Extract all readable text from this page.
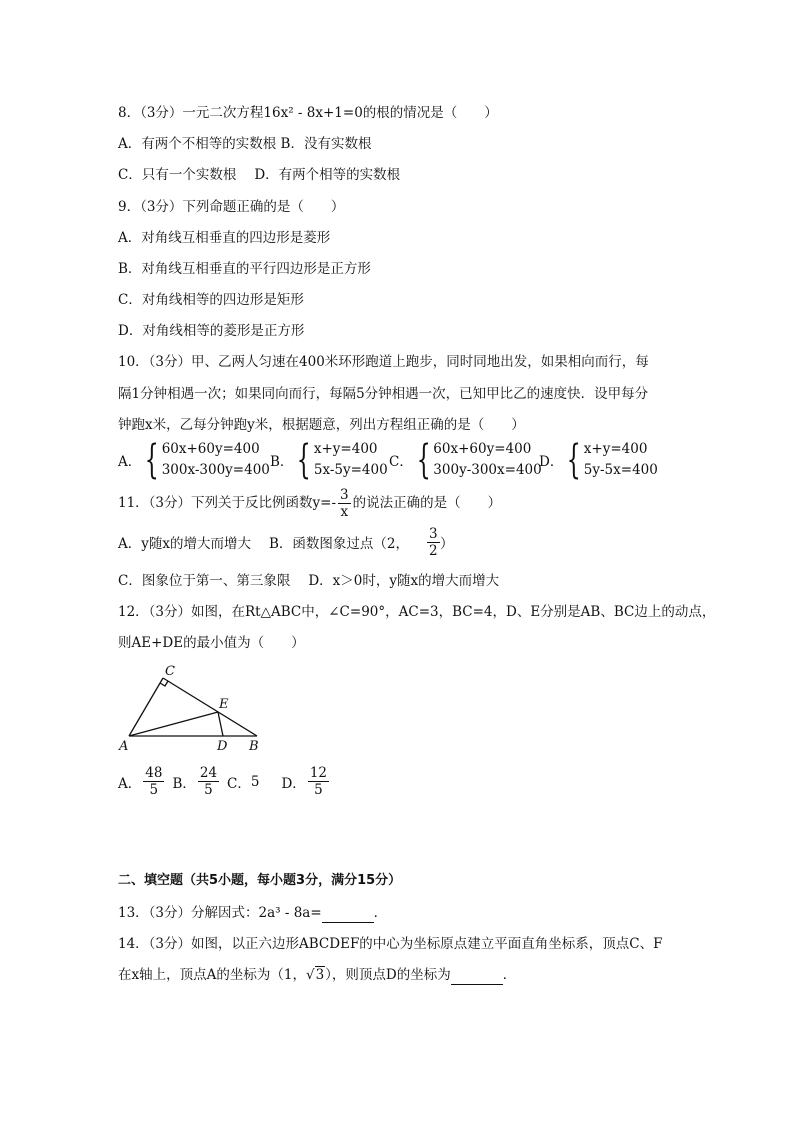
8．（3分）一元二次方程16x² - 8x+1=0的根的情况是（　　）
A．有两个不相等的实数根 B．没有实数根
C．只有一个实数根 D．有两个相等的实数根
9．（3分）下列命题正确的是（　　）
A．对角线互相垂直的四边形是菱形
B．对角线互相垂直的平行四边形是正方形
C．对角线相等的四边形是矩形
D．对角线相等的菱形是正方形
10．（3分）甲、乙两人匀速在400米环形跑道上跑步，同时同地出发，如果相向而行，每
隔1分钟相遇一次；如果同向而行，每隔5分钟相遇一次，已知甲比乙的速度快．设甲每分
钟跑x米，乙每分钟跑y米，根据题意，列出方程组正确的是（　　）
A． { 60x+60y=400
300x-300y=400 B． { x+y=400
5x-5y=400 C． { 60x+60y=400
300y-300x=400
D． { x+y=400
5y-5x=400
11．（3分）下列关于反比例函数$y=- \frac{3}{x}$ 的说法正确的是（　　）
A．y随x的增大而增大 B．函数图象过点（2， $\frac{3}{2}$ ）
C．图象位于第一、第三象限 D．x＞0时，y随x的增大而增大
12．（3分）如图，在Rt△ABC中，∠C=90°，AC=3，BC=4，D、E分别是AB、BC边上的动点，
则AE+DE的最小值为（　　）
C
E
A	D B
A． $\frac{48}{5}$ B． $\frac{24}{5}$ C． 5 D． $\frac{12}{5}$
二、填空题（共5小题，每小题3分，满分15分）
13．（3分）分解因式：2a³ - 8a=	．
14．（3分）如图，以正六边形ABCDEF的中心为坐标原点建立平面直角坐标系，顶点C、F
在x轴上，顶点A的坐标为（1，√3），则顶点D的坐标为	．
